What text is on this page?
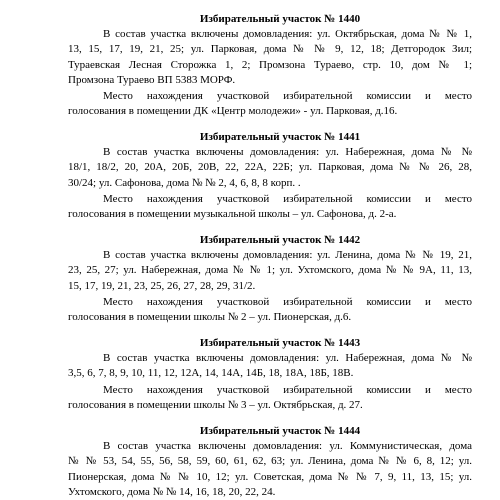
Избирательный участок № 1440
В состав участка включены домовладения: ул. Октябрьская, дома № № 1,
13, 15, 17, 19, 21, 25; ул. Парковая, дома № № 9, 12, 18; Детгородок Зил;
Тураевская Лесная Сторожка 1, 2; Промзона Тураево, стр. 10, дом № 1;
Промзона Тураево ВП 5383 МОРФ.
Место нахождения участковой избирательной комиссии и место
голосования в помещении ДК «Центр молодежи» - ул. Парковая, д.16.
Избирательный участок № 1441
В состав участка включены домовладения: ул. Набережная, дома № №
18/1, 18/2, 20, 20А, 20Б, 20В, 22, 22А, 22Б; ул. Парковая, дома № № 26, 28,
30/24; ул. Сафонова, дома № № 2, 4, 6, 8, 8 корп. .
Место нахождения участковой избирательной комиссии и место
голосования в помещении музыкальной школы – ул. Сафонова, д. 2-а.
Избирательный участок № 1442
В состав участка включены домовладения: ул. Ленина, дома № № 19, 21,
23, 25, 27; ул. Набережная, дома № № 1; ул. Ухтомского, дома № № 9А, 11, 13,
15, 17, 19, 21, 23, 25, 26, 27, 28, 29, 31/2.
Место нахождения участковой избирательной комиссии и место
голосования в помещении школы № 2 – ул. Пионерская, д.6.
Избирательный участок № 1443
В состав участка включены домовладения: ул. Набережная, дома № №
3,5, 6, 7, 8, 9, 10, 11, 12, 12А, 14, 14А, 14Б, 18, 18А, 18Б, 18В.
Место нахождения участковой избирательной комиссии и место
голосования в помещении школы № 3 – ул. Октябрьская, д. 27.
Избирательный участок № 1444
В состав участка включены домовладения: ул. Коммунистическая, дома
№ № 53, 54, 55, 56, 58, 59, 60, 61, 62, 63; ул. Ленина, дома № № 6, 8, 12; ул.
Пионерская, дома № № 10, 12; ул. Советская, дома № № 7, 9, 11, 13, 15; ул.
Ухтомского, дома № № 14, 16, 18, 20, 22, 24.
